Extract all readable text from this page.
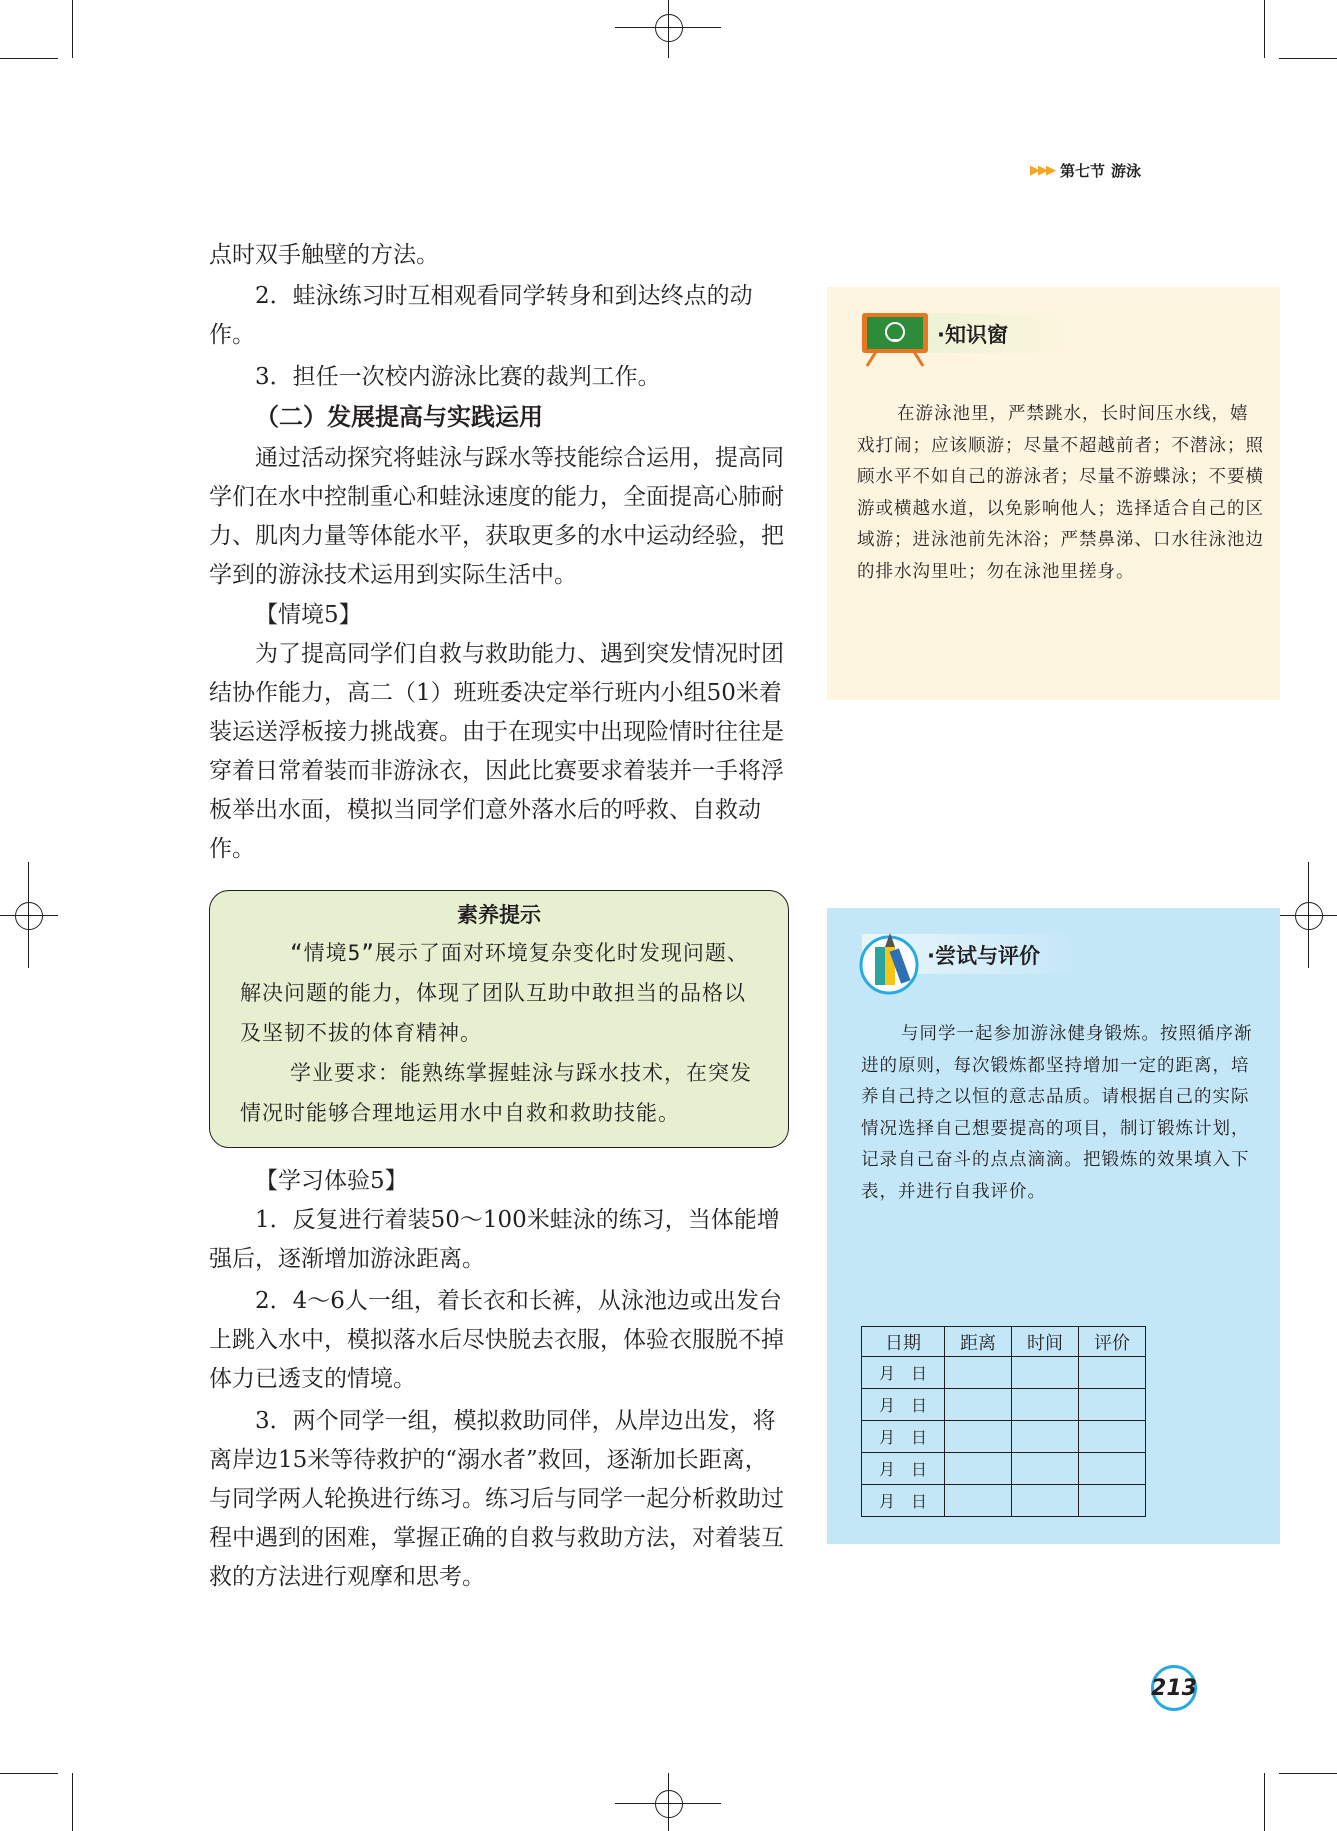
▶▶▶ 第七节 游泳

点时双手触壁的方法。

2．蛙泳练习时互相观看同学转身和到达终点的动作。

3．担任一次校内游泳比赛的裁判工作。

（二）发展提高与实践运用

通过活动探究将蛙泳与踩水等技能综合运用，提高同学们在水中控制重心和蛙泳速度的能力，全面提高心肺耐力、肌肉力量等体能水平，获取更多的水中运动经验，把学到的游泳技术运用到实际生活中。

【情境5】

为了提高同学们自救与救助能力、遇到突发情况时团结协作能力，高二（1）班班委决定举行班内小组50米着装运送浮板接力挑战赛。由于在现实中出现险情时往往是穿着日常着装而非游泳衣，因此比赛要求着装并一手将浮板举出水面，模拟当同学们意外落水后的呼救、自救动作。

素养提示

“情境5”展示了面对环境复杂变化时发现问题、解决问题的能力，体现了团队互助中敢担当的品格以及坚韧不拔的体育精神。

学业要求：能熟练掌握蛙泳与踩水技术，在突发情况时能够合理地运用水中自救和救助技能。

【学习体验5】

1．反复进行着装50～100米蛙泳的练习，当体能增强后，逐渐增加游泳距离。

2．4～6人一组，着长衣和长裤，从泳池边或出发台上跳入水中，模拟落水后尽快脱去衣服，体验衣服脱不掉体力已透支的情境。

3．两个同学一组，模拟救助同伴，从岸边出发，将离岸边15米等待救护的“溺水者”救回，逐渐加长距离，与同学两人轮换进行练习。练习后与同学一起分析救助过程中遇到的困难，掌握正确的自救与救助方法，对着装互救的方法进行观摩和思考。

·知识窗

在游泳池里，严禁跳水，长时间压水线，嬉戏打闹；应该顺游；尽量不超越前者；不潜泳；照顾水平不如自己的游泳者；尽量不游蝶泳；不要横游或横越水道，以免影响他人；选择适合自己的区域游；进泳池前先沐浴；严禁鼻涕、口水往泳池边的排水沟里吐；勿在泳池里搓身。

·尝试与评价

与同学一起参加游泳健身锻炼。按照循序渐进的原则，每次锻炼都坚持增加一定的距离，培养自己持之以恒的意志品质。请根据自己的实际情况选择自己想要提高的项目，制订锻炼计划，记录自己奋斗的点点滴滴。把锻炼的效果填入下表，并进行自我评价。

日期	距离	时间	评价
月　日			
月　日			
月　日			
月　日			
月　日			
213
